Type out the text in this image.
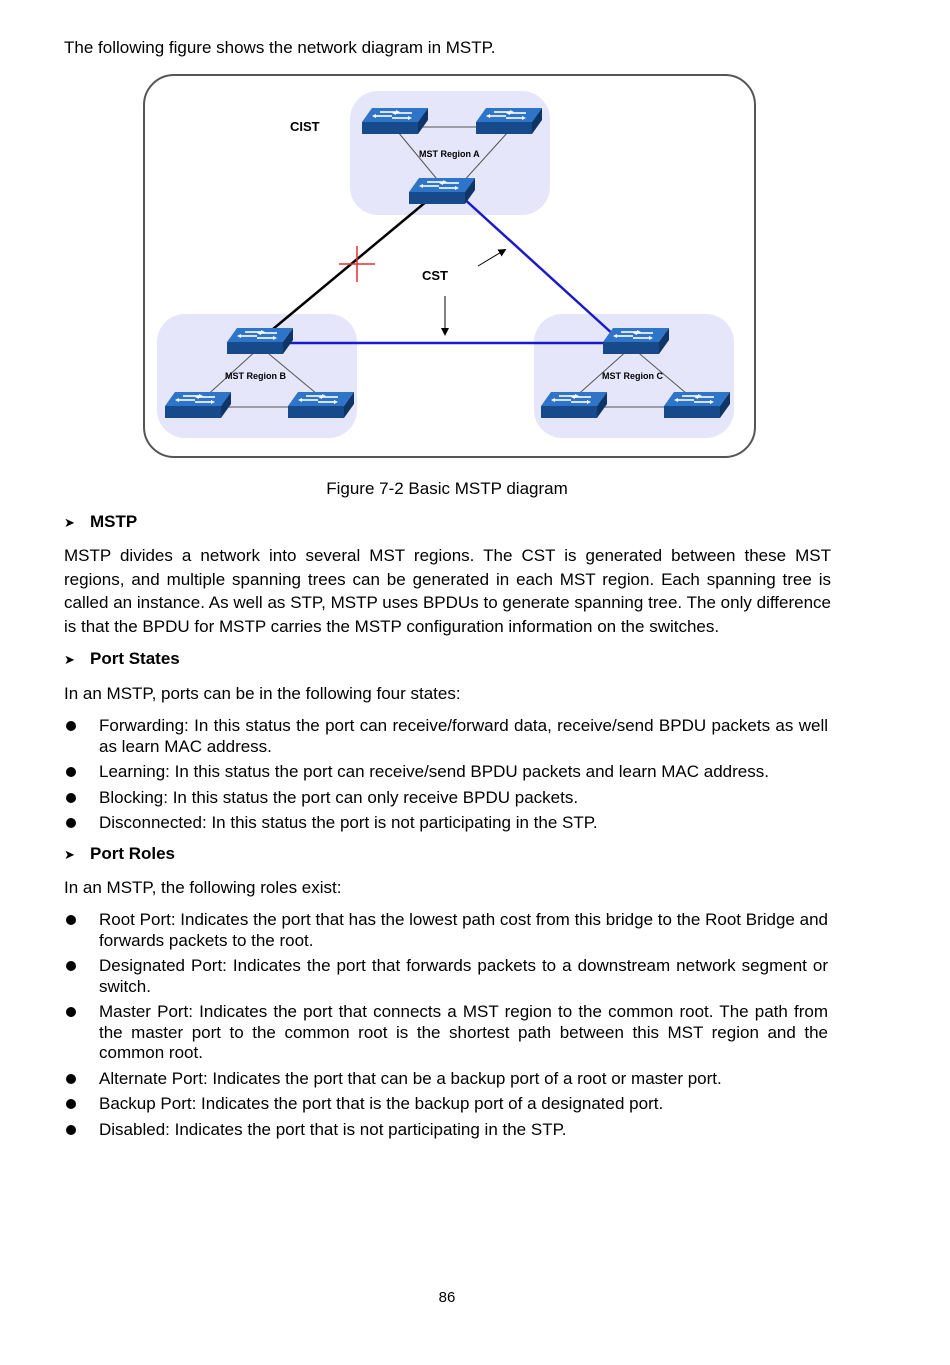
The following figure shows the network diagram in MSTP.

CIST
CST
MST Region A
MST Region B	MST Region C

Figure 7-2 Basic MSTP diagram

➤ MSTP

MSTP divides a network into several MST regions. The CST is generated between these MST regions, and multiple spanning trees can be generated in each MST region. Each spanning tree is called an instance. As well as STP, MSTP uses BPDUs to generate spanning tree. The only difference is that the BPDU for MSTP carries the MSTP configuration information on the switches.

➤ Port States

In an MSTP, ports can be in the following four states:

Forwarding: In this status the port can receive/forward data, receive/send BPDU packets as well as learn MAC address.
Learning: In this status the port can receive/send BPDU packets and learn MAC address.
Blocking: In this status the port can only receive BPDU packets.
Disconnected: In this status the port is not participating in the STP.

➤ Port Roles

In an MSTP, the following roles exist:

Root Port: Indicates the port that has the lowest path cost from this bridge to the Root Bridge and forwards packets to the root.
Designated Port: Indicates the port that forwards packets to a downstream network segment or switch.
Master Port: Indicates the port that connects a MST region to the common root. The path from the master port to the common root is the shortest path between this MST region and the common root.
Alternate Port: Indicates the port that can be a backup port of a root or master port.
Backup Port: Indicates the port that is the backup port of a designated port.
Disabled: Indicates the port that is not participating in the STP.

86
